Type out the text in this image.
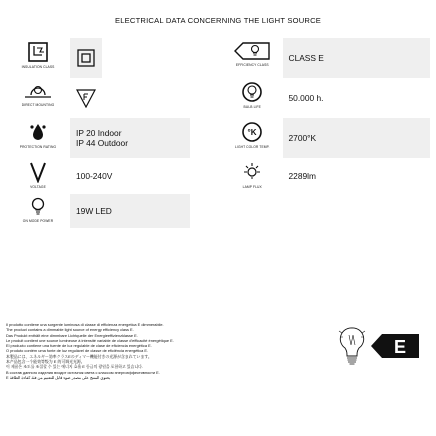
ELECTRICAL DATA CONCERNING THE LIGHT SOURCE
INSULATION CLASS
DIRECT MOUNTING
PROTECTION RATING
IP 20 Indoor
IP 44 Outdoor
VOLTAGE
100-240V
ON MODE POWER
19W LED
EFFICIENCY CLASS
CLASS E
BULB LIFE
50.000 h.
°K
LIGHT COLOR TEMP.
2700°K
LAMP FLUX
2289lm
Il prodotto contiene una sorgente luminosa di classe di efficienza energetica E dimmerabile.
The product contains a dimmable light source of energy efficiency class E.
Das Produkt enthält eine dimmbare Lichtquelle der Energieeffizienzklasse E.
Le produit contient une source lumineuse à intensité variable de classe d'efficacité énergétique E.
El producto contiene una fuente de luz regulable de clase de eficiencia energética E.
O produto contém uma fonte de luz regulável de classe de eficiência energética E.
本製品には、エネルギー効率クラスEのディマー機能付きの光源が含まれています。
本产品包含一个能效等级为 E 的可调光光源。
이 제품은 조도를 조절할 수 있는 에너지 효율 E 등급의 광원을 포함하고 있습니다.
В состав данного изделия входит источник света с классом энергоэффективности E.
يحتوي المنتج على مصدر ضوء قابل للتعتيم من فئة كفاءة الطاقة E
E
